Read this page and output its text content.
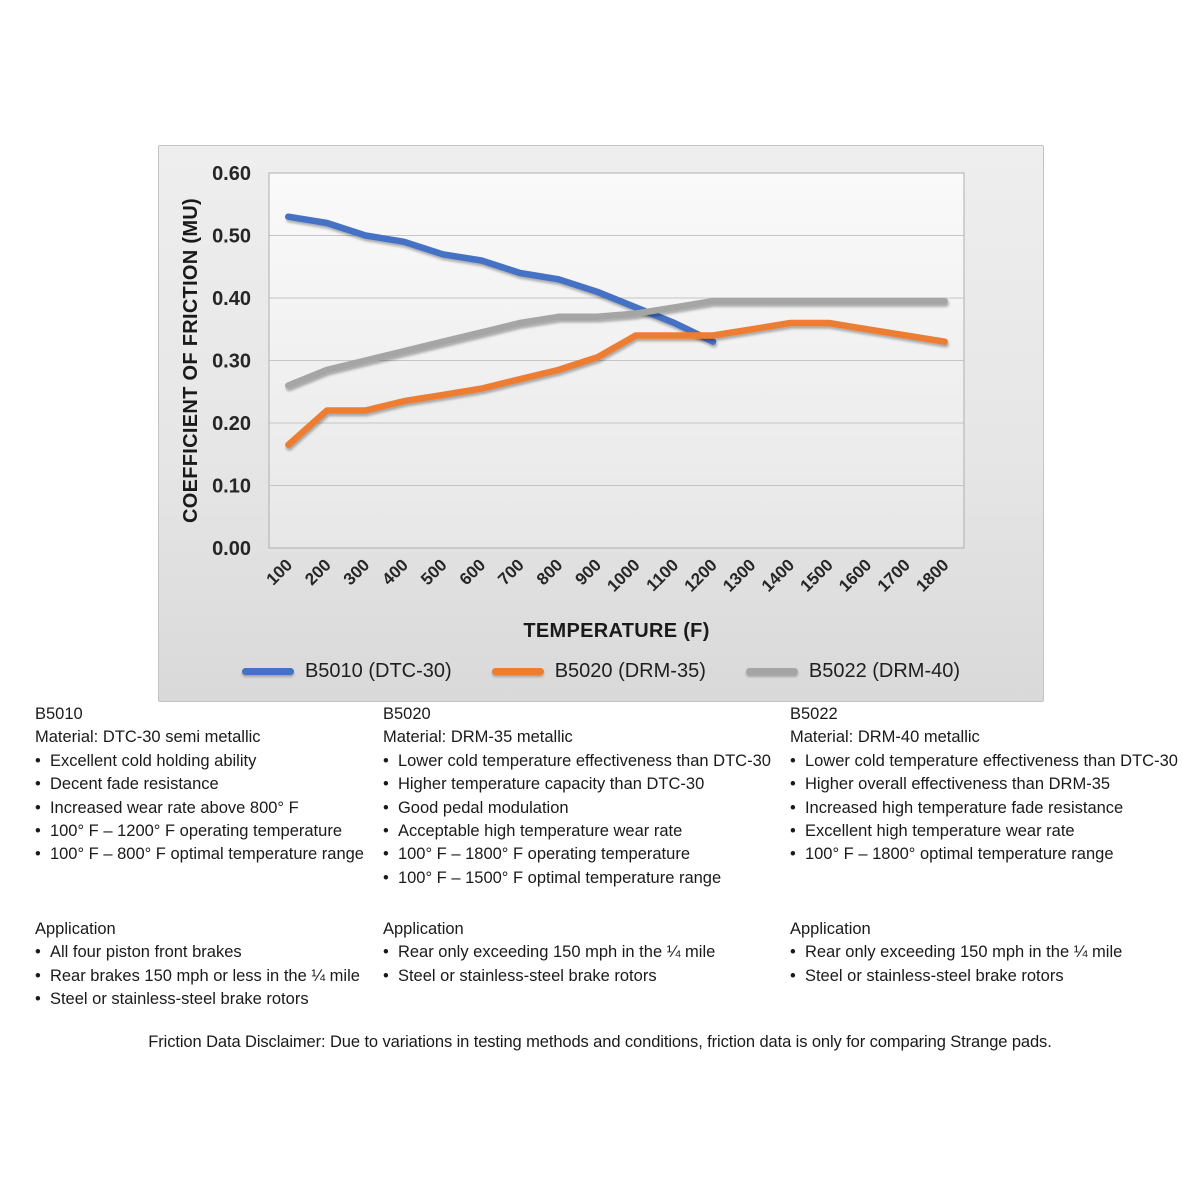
0.00
0.10
0.20
0.30
0.40
0.50
0.60
100 200 300 400 500 600 700 800 900
1000 1100
1200
1300
1400
1500
1600
1700
1800
TEMPERATURE (F)
COEFFICIENT OF FRICTION (MU)
B5010 (DTC-30)	B5020 (DRM-35)	B5022 (DRM-40)
B5010
Material: DTC-30 semi metallic
•  Excellent cold holding ability
•  Decent fade resistance
•  Increased wear rate above 800° F
•  100° F – 1200° F operating temperature
•  100° F – 800° F optimal temperature range
Application
•  All four piston front brakes
•  Rear brakes 150 mph or less in the ¼ mile
•  Steel or stainless-steel brake rotors
B5020
Material: DRM-35 metallic
•  Lower cold temperature effectiveness than DTC-30
•  Higher temperature capacity than DTC-30
•  Good pedal modulation
•  Acceptable high temperature wear rate
•  100° F – 1800° F operating temperature
•  100° F – 1500° F optimal temperature range
Application
•  Rear only exceeding 150 mph in the ¼ mile
•  Steel or stainless-steel brake rotors
B5022
Material: DRM-40 metallic
•  Lower cold temperature effectiveness than DTC-30
•  Higher overall effectiveness than DRM-35
•  Increased high temperature fade resistance
•  Excellent high temperature wear rate
•  100° F – 1800° optimal temperature range
Application
•  Rear only exceeding 150 mph in the ¼ mile
•  Steel or stainless-steel brake rotors
Friction Data Disclaimer: Due to variations in testing methods and conditions, friction data is only for comparing Strange pads.
